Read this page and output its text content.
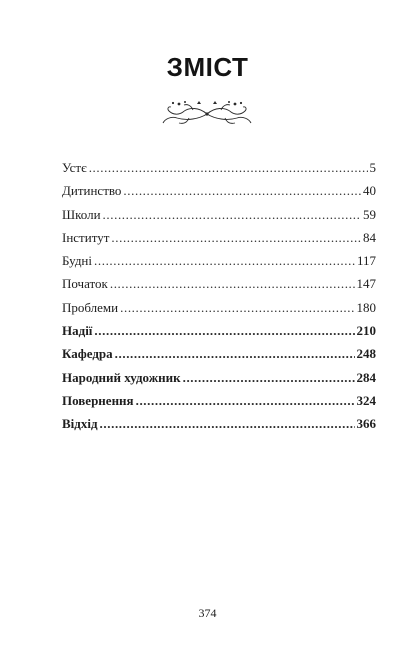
ЗМІСТ
Устє .....	5
Дитинство .....	40
Школи .....	59
Інститут .....	84
Будні .....	117
Початок .....	147
Проблеми .....	180
Надії .....	210
Кафедра .....	248
Народний художник .....	284
Повернення .....	324
Відхід .....	366
374
